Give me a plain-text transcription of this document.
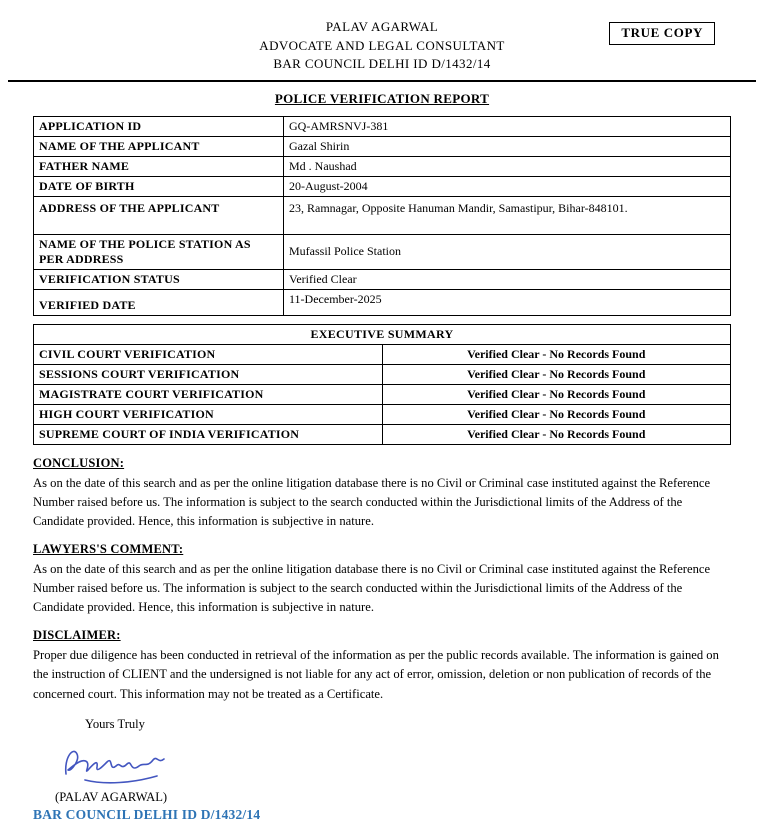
PALAV AGARWAL
ADVOCATE AND LEGAL CONSULTANT
BAR COUNCIL DELHI ID D/1432/14
TRUE COPY
POLICE VERIFICATION REPORT
APPLICATION ID	GQ-AMRSNVJ-381
NAME OF THE APPLICANT	Gazal Shirin
FATHER NAME	Md . Naushad
DATE OF BIRTH	20-August-2004
ADDRESS OF THE APPLICANT	23, Ramnagar, Opposite Hanuman Mandir, Samastipur, Bihar-848101.
NAME OF THE POLICE STATION AS PER ADDRESS	Mufassil Police Station
VERIFICATION STATUS	Verified Clear
VERIFIED DATE	11-December-2025
EXECUTIVE SUMMARY	
CIVIL COURT VERIFICATION	Verified Clear - No Records Found
SESSIONS COURT VERIFICATION	Verified Clear - No Records Found
MAGISTRATE COURT VERIFICATION	Verified Clear - No Records Found
HIGH COURT VERIFICATION	Verified Clear - No Records Found
SUPREME COURT OF INDIA VERIFICATION	Verified Clear - No Records Found
CONCLUSION:

As on the date of this search and as per the online litigation database there is no Civil or Criminal case instituted against the Reference Number raised before us. The information is subject to the search conducted within the Jurisdictional limits of the Address of the Candidate provided. Hence, this information is subjective in nature.

LAWYERS'S COMMENT:

As on the date of this search and as per the online litigation database there is no Civil or Criminal case instituted against the Reference Number raised before us. The information is subject to the search conducted within the Jurisdictional limits of the Address of the Candidate provided. Hence, this information is subjective in nature.

DISCLAIMER:

Proper due diligence has been conducted in retrieval of the information as per the public records available. The information is gained on the instruction of CLIENT and the undersigned is not liable for any act of error, omission, deletion or non publication of records of the concerned court. This information may not be treated as a Certificate.

Yours Truly
(PALAV AGARWAL)
BAR COUNCIL DELHI ID D/1432/14
